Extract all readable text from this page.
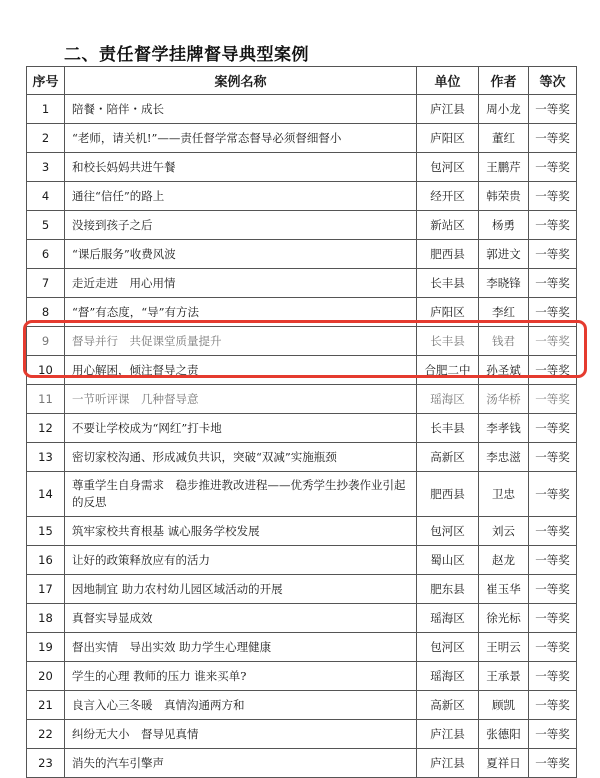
二、责任督学挂牌督导典型案例
序号	案例名称	单位	作者	等次
1	陪餐・陪伴・成长	庐江县	周小龙	一等奖
2	“老师，请关机!”——责任督学常态督导必须督细督小	庐阳区	董红	一等奖
3	和校长妈妈共进午餐	包河区	王鹏芹	一等奖
4	通往“信任”的路上	经开区	韩荣贵	一等奖
5	没接到孩子之后	新站区	杨勇	一等奖
6	“课后服务”收费风波	肥西县	郭进文	一等奖
7	走近走进　用心用情	长丰县	李晓锋	一等奖
8	“督”有态度，“导”有方法	庐阳区	李红	一等奖
9	督导并行　共促课堂质量提升	长丰县	钱君	一等奖
10	用心解困，倾注督导之责	合肥二中	孙圣斌	一等奖
11	一节听评课　几种督导意	瑶海区	汤华桥	一等奖
12	不要让学校成为“网红”打卡地	长丰县	李孝钱	一等奖
13	密切家校沟通、形成减负共识，突破“双减”实施瓶颈	高新区	李忠滋	一等奖
14	尊重学生自身需求　稳步推进教改进程——优秀学生抄袭作业引起的反思	肥西县	卫忠	一等奖
15	筑牢家校共育根基 诚心服务学校发展	包河区	刘云	一等奖
16	让好的政策释放应有的活力	蜀山区	赵龙	一等奖
17	因地制宜 助力农村幼儿园区域活动的开展	肥东县	崔玉华	一等奖
18	真督实导显成效	瑶海区	徐光标	一等奖
19	督出实情　导出实效 助力学生心理健康	包河区	王明云	一等奖
20	学生的心理 教师的压力 谁来买单?	瑶海区	王承景	一等奖
21	良言入心三冬暖　真情沟通两方和	高新区	顾凯	一等奖
22	纠纷无大小　督导见真情	庐江县	张德阳	一等奖
23	消失的汽车引擎声	庐江县	夏祥日	一等奖
